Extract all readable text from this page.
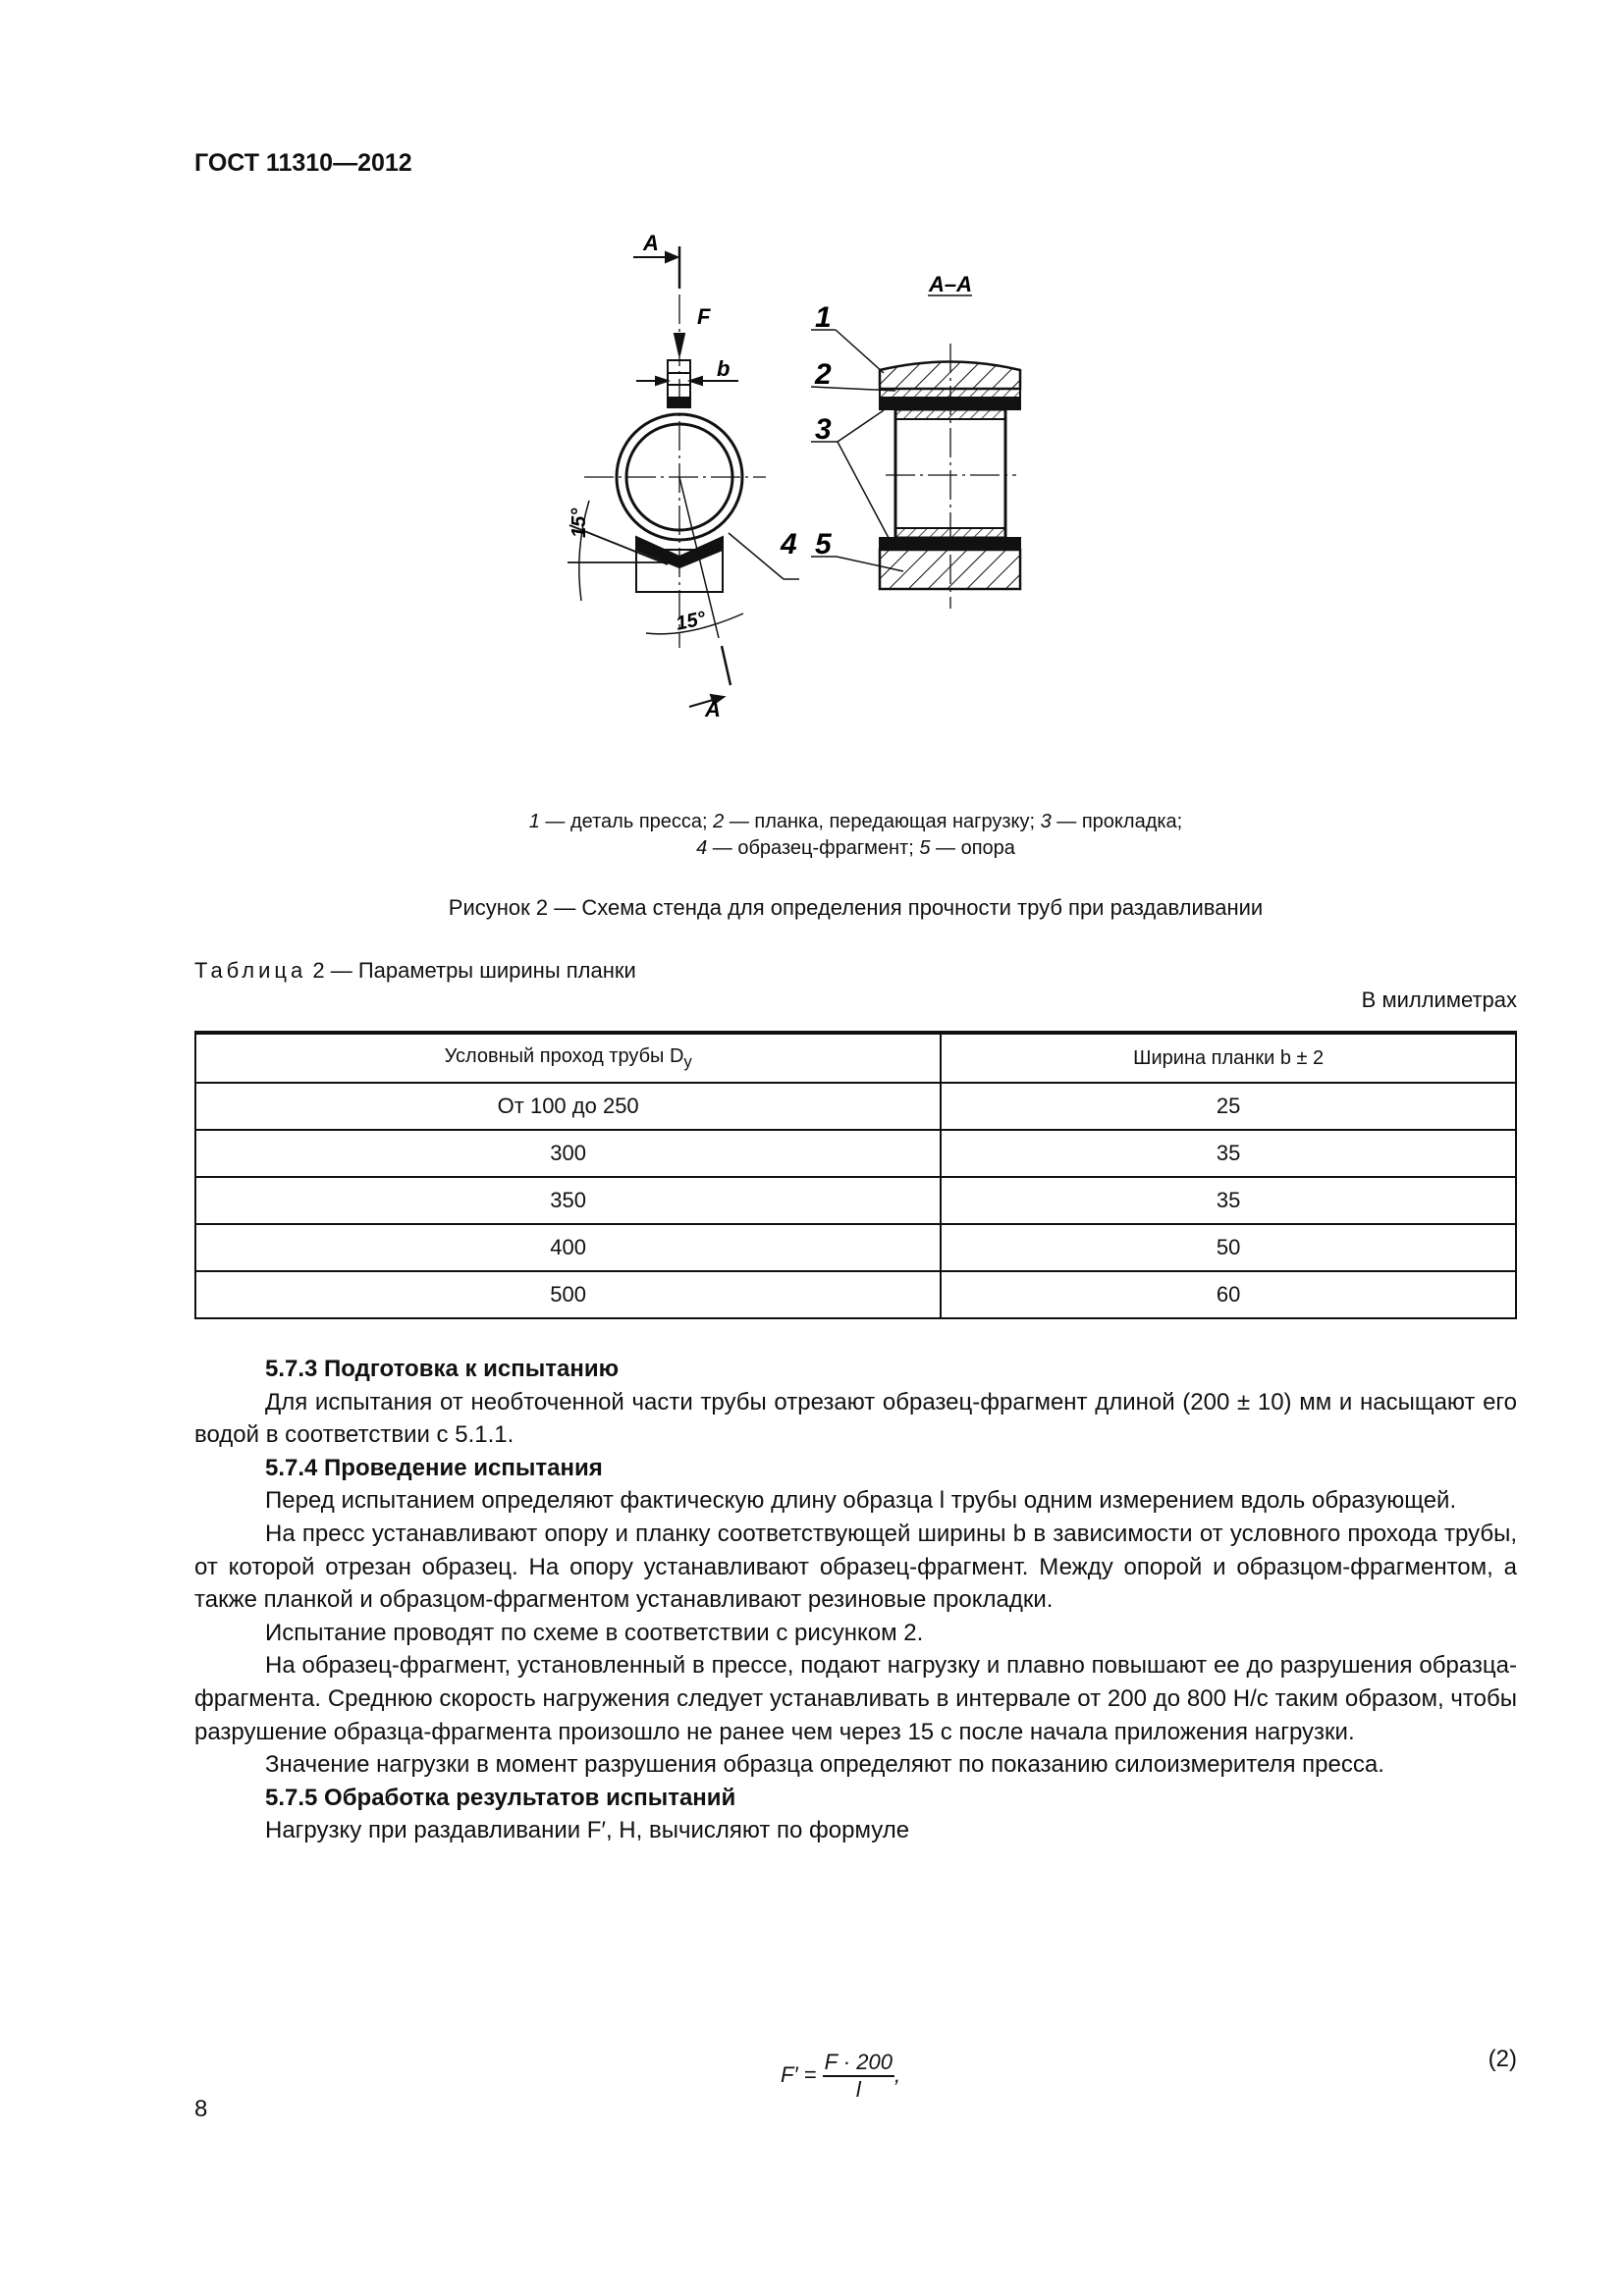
ГОСТ 11310—2012
A
F
b
A
A–A
15°
15°
1
2
3
4 5
1 — деталь пресса; 2 — планка, передающая нагрузку; 3 — прокладка;
4 — образец-фрагмент; 5 — опора
Рисунок 2 — Схема стенда для определения прочности труб при раздавливании
Таблица 2 — Параметры ширины планки
В миллиметрах
Условный проход трубы $D_y$	Ширина планки b ± 2
От 100 до 250	25
300	35
350	35
400	50
500	60

5.7.3 Подготовка к испытанию

Для испытания от необточенной части трубы отрезают образец-фрагмент длиной (200 ± 10) мм и насыщают его водой в соответствии с 5.1.1.

5.7.4 Проведение испытания

Перед испытанием определяют фактическую длину образца l трубы одним измерением вдоль образующей.

На пресс устанавливают опору и планку соответствующей ширины b в зависимости от условного прохода трубы, от которой отрезан образец. На опору устанавливают образец-фрагмент. Между опорой и образцом-фрагментом, а также планкой и образцом-фрагментом устанавливают резиновые прокладки.

Испытание проводят по схеме в соответствии с рисунком 2.

На образец-фрагмент, установленный в прессе, подают нагрузку и плавно повышают ее до разрушения образца-фрагмента. Среднюю скорость нагружения следует устанавливать в интервале от 200 до 800 Н/с таким образом, чтобы разрушение образца-фрагмента произошло не ранее чем через 15 с после начала приложения нагрузки.

Значение нагрузки в момент разрушения образца определяют по показанию силоизмерителя пресса.

5.7.5 Обработка результатов испытаний

Нагрузку при раздавливании F′, Н, вычисляют по формуле

$F' = \frac{F \cdot 200}{l}$ ,
(2)
8
